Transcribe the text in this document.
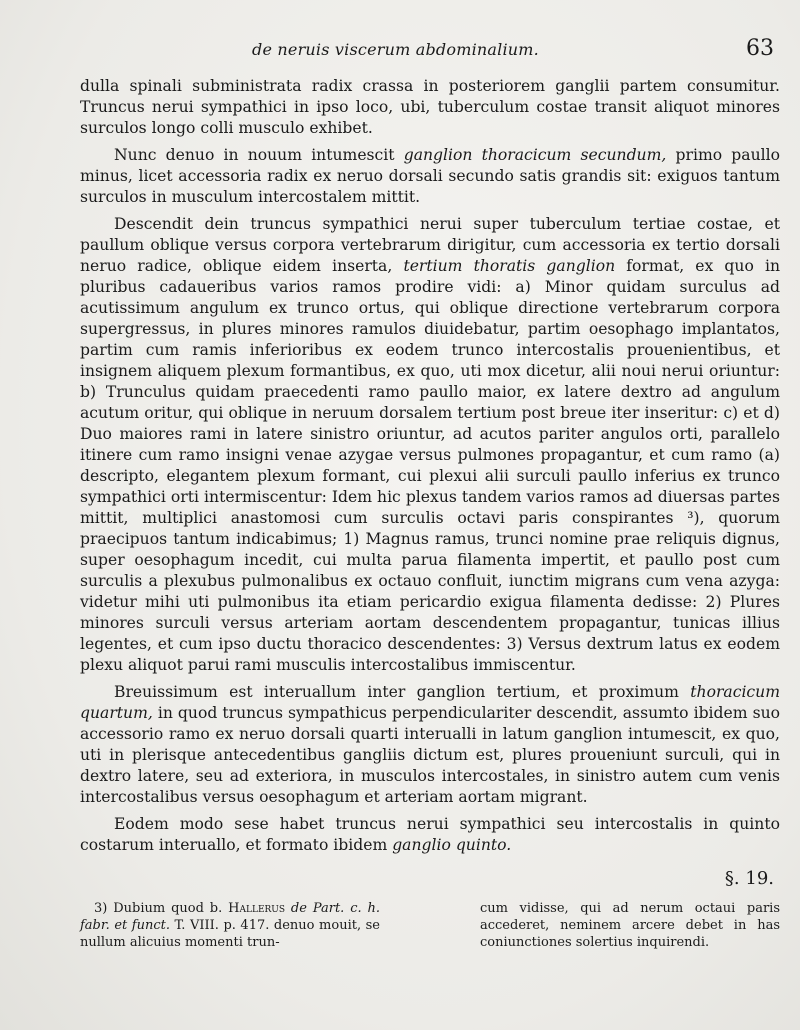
de neruis viscerum abdominalium.	63

dulla spinali subministrata radix crassa in posteriorem ganglii partem consumitur. Truncus nerui sympathici in ipso loco, ubi, tuberculum costae transit aliquot minores surculos longo colli musculo exhibet.

Nunc denuo in nouum intumescit ganglion thoracicum secundum, primo paullo minus, licet accessoria radix ex neruo dorsali secundo satis grandis sit: exiguos tantum surculos in musculum intercostalem mittit.

Descendit dein truncus sympathici nerui super tuberculum tertiae costae, et paullum oblique versus corpora vertebrarum dirigitur, cum accessoria ex tertio dorsali neruo radice, oblique eidem inserta, tertium thoratis ganglion format, ex quo in pluribus cadaueribus varios ramos prodire vidi: a) Minor quidam surculus ad acutissimum angulum ex trunco ortus, qui oblique directione vertebrarum corpora supergressus, in plures minores ramulos diuidebatur, partim oesophago implantatos, partim cum ramis inferioribus ex eodem trunco intercostalis prouenientibus, et insignem aliquem plexum formantibus, ex quo, uti mox dicetur, alii noui nerui oriuntur: b) Trunculus quidam praecedenti ramo paullo maior, ex latere dextro ad angulum acutum oritur, qui oblique in neruum dorsalem tertium post breue iter inseritur: c) et d) Duo maiores rami in latere sinistro oriuntur, ad acutos pariter angulos orti, parallelo itinere cum ramo insigni venae azygae versus pulmones propagantur, et cum ramo (a) descripto, elegantem plexum formant, cui plexui alii surculi paullo inferius ex trunco sympathici orti intermiscentur: Idem hic plexus tandem varios ramos ad diuersas partes mittit, multiplici anastomosi cum surculis octavi paris conspirantes ³), quorum praecipuos tantum indicabimus; 1) Magnus ramus, trunci nomine prae reliquis dignus, super oesophagum incedit, cui multa parua filamenta impertit, et paullo post cum surculis a plexubus pulmonalibus ex octauo confluit, iunctim migrans cum vena azyga: videtur mihi uti pulmonibus ita etiam pericardio exigua filamenta dedisse: 2) Plures minores surculi versus arteriam aortam descendentem propagantur, tunicas illius legentes, et cum ipso ductu thoracico descendentes: 3) Versus dextrum latus ex eodem plexu aliquot parui rami musculis intercostalibus immiscentur.

Breuissimum est interuallum inter ganglion tertium, et proximum thoracicum quartum, in quod truncus sympathicus perpendiculariter descendit, assumto ibidem suo accessorio ramo ex neruo dorsali quarti interualli in latum ganglion intumescit, ex quo, uti in plerisque antecedentibus gangliis dictum est, plures proueniunt surculi, qui in dextro latere, seu ad exteriora, in musculos intercostales, in sinistro autem cum venis intercostalibus versus oesophagum et arteriam aortam migrant.

Eodem modo sese habet truncus nerui sympathici seu intercostalis in quinto costarum interuallo, et formato ibidem ganglio quinto.

§. 19.
3) Dubium quod b. Hallerus de Part. c. h. fabr. et funct. T. VIII. p. 417. denuo mouit, se nullum alicuius momenti trun-
cum vidisse, qui ad nerum octaui paris accederet, neminem arcere debet in has coniunctiones solertius inquirendi.
